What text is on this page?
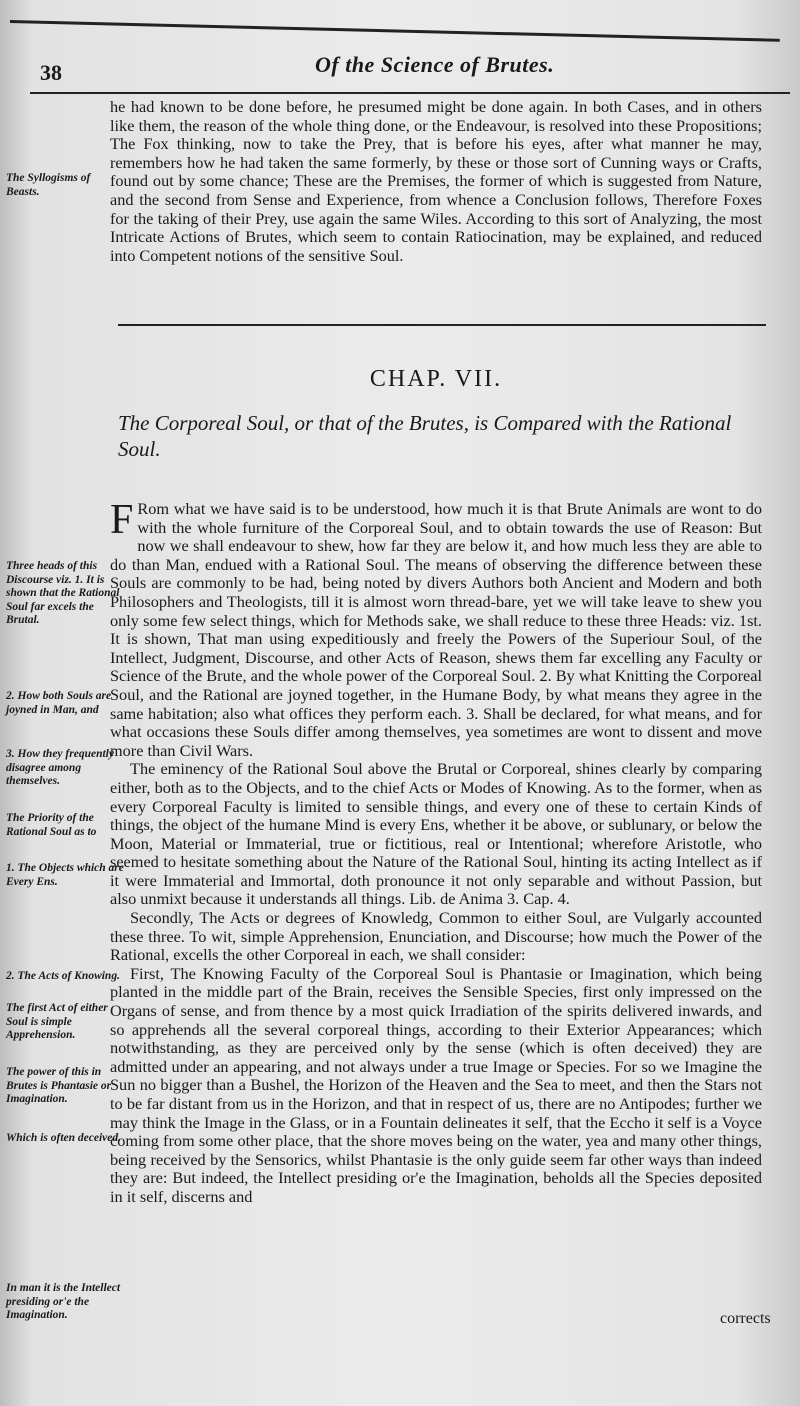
38	Of the Science of Brutes.

he had known to be done before, he presumed might be done again. In both Cases, and in others like them, the reason of the whole thing done, or the Endeavour, is resolved into these Propositions; The Fox thinking, now to take the Prey, that is before his eyes, after what manner he may, remembers how he had taken the same formerly, by these or those sort of Cunning ways or Crafts, found out by some chance; These are the Premises, the former of which is suggested from Nature, and the second from Sense and Experience, from whence a Conclusion follows, Therefore Foxes for the taking of their Prey, use again the same Wiles. According to this sort of Analyzing, the most Intricate Actions of Brutes, which seem to contain Ratiocination, may be explained, and reduced into Competent notions of the sensitive Soul.

CHAP. VII.
The Corporeal Soul, or that of the Brutes, is Compared with the Rational Soul.

F Rom what we have said is to be understood, how much it is that Brute Animals are wont to do with the whole furniture of the Corporeal Soul, and to obtain towards the use of Reason: But now we shall endeavour to shew, how far they are below it, and how much less they are able to do than Man, endued with a Rational Soul. The means of observing the difference between these Souls are commonly to be had, being noted by divers Authors both Ancient and Modern and both Philosophers and Theologists, till it is almost worn thread-bare, yet we will take leave to shew you only some few select things, which for Methods sake, we shall reduce to these three Heads: viz. 1st. It is shown, That man using expeditiously and freely the Powers of the Superiour Soul, of the Intellect, Judgment, Discourse, and other Acts of Reason, shews them far excelling any Faculty or Science of the Brute, and the whole power of the Corporeal Soul. 2. By what Knitting the Corporeal Soul, and the Rational are joyned together, in the Humane Body, by what means they agree in the same habitation; also what offices they perform each. 3. Shall be declared, for what means, and for what occasions these Souls differ among themselves, yea sometimes are wont to dissent and move more than Civil Wars.

The eminency of the Rational Soul above the Brutal or Corporeal, shines clearly by comparing either, both as to the Objects, and to the chief Acts or Modes of Knowing. As to the former, when as every Corporeal Faculty is limited to sensible things, and every one of these to certain Kinds of things, the object of the humane Mind is every Ens, whether it be above, or sublunary, or below the Moon, Material or Immaterial, true or fictitious, real or Intentional; wherefore Aristotle, who seemed to hesitate something about the Nature of the Rational Soul, hinting its acting Intellect as if it were Immaterial and Immortal, doth pronounce it not only separable and without Passion, but also unmixt because it understands all things. Lib. de Anima 3. Cap. 4.

Secondly, The Acts or degrees of Knowledg, Common to either Soul, are Vulgarly accounted these three. To wit, simple Apprehension, Enunciation, and Discourse; how much the Power of the Rational, excells the other Corporeal in each, we shall consider:

First, The Knowing Faculty of the Corporeal Soul is Phantasie or Imagination, which being planted in the middle part of the Brain, receives the Sensible Species, first only impressed on the Organs of sense, and from thence by a most quick Irradiation of the spirits delivered inwards, and so apprehends all the several corporeal things, according to their Exterior Appearances; which notwithstanding, as they are perceived only by the sense (which is often deceived) they are admitted under an appearing, and not always under a true Image or Species. For so we Imagine the Sun no bigger than a Bushel, the Horizon of the Heaven and the Sea to meet, and then the Stars not to be far distant from us in the Horizon, and that in respect of us, there are no Antipodes; further we may think the Image in the Glass, or in a Fountain delineates it self, that the Eccho it self is a Voyce coming from some other place, that the shore moves being on the water, yea and many other things, being received by the Sensorics, whilst Phantasie is the only guide seem far other ways than indeed they are: But indeed, the Intellect presiding or'e the Imagination, beholds all the Species deposited in it self, discerns and

corrects
The Syllogisms of Beasts.
Three heads of this Discourse viz. 1. It is shown that the Rational Soul far excels the Brutal.
2. How both Souls are joyned in Man, and
3. How they frequently disagree among themselves.
The Priority of the Rational Soul as to
1. The Objects which are Every Ens.
2. The Acts of Knowing.
The first Act of either Soul is simple Apprehension.
The power of this in Brutes is Phantasie or Imagination.
Which is often deceived.
In man it is the Intellect presiding or'e the Imagination.
